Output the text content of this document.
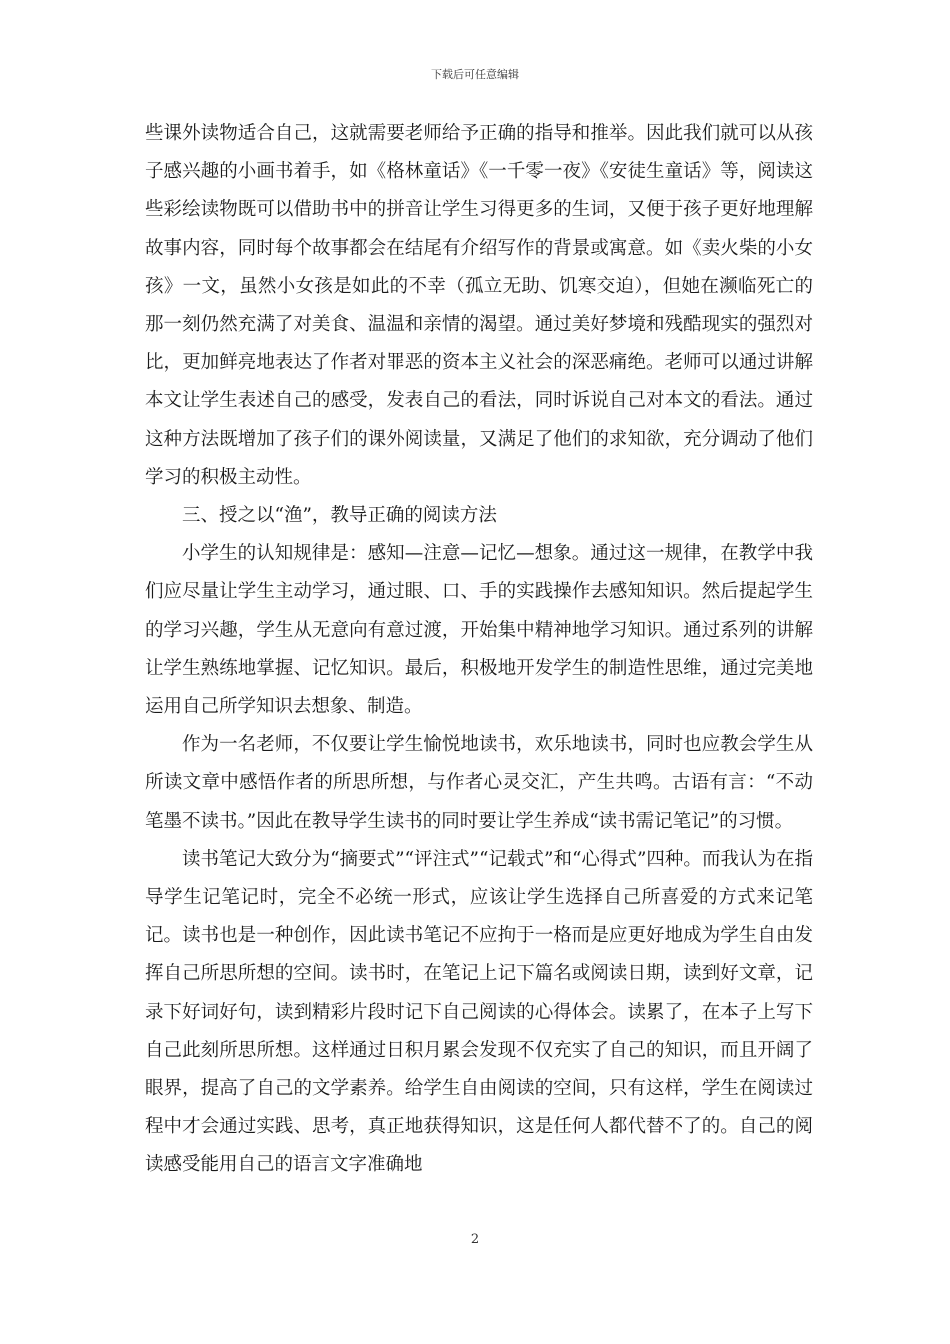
下载后可任意编辑

些课外读物适合自己，这就需要老师给予正确的指导和推举。因此我们就可以从孩子感兴趣的小画书着手，如《格林童话》《一千零一夜》《安徒生童话》等，阅读这些彩绘读物既可以借助书中的拼音让学生习得更多的生词，又便于孩子更好地理解故事内容，同时每个故事都会在结尾有介绍写作的背景或寓意。如《卖火柴的小女孩》一文，虽然小女孩是如此的不幸（孤立无助、饥寒交迫），但她在濒临死亡的那一刻仍然充满了对美食、温温和亲情的渴望。通过美好梦境和残酷现实的强烈对比，更加鲜亮地表达了作者对罪恶的资本主义社会的深恶痛绝。老师可以通过讲解本文让学生表述自己的感受，发表自己的看法，同时诉说自己对本文的看法。通过这种方法既增加了孩子们的课外阅读量，又满足了他们的求知欲，充分调动了他们学习的积极主动性。

三、授之以“渔”，教导正确的阅读方法

小学生的认知规律是：感知—注意—记忆—想象。通过这一规律，在教学中我们应尽量让学生主动学习，通过眼、口、手的实践操作去感知知识。然后提起学生的学习兴趣，学生从无意向有意过渡，开始集中精神地学习知识。通过系列的讲解让学生熟练地掌握、记忆知识。最后，积极地开发学生的制造性思维，通过完美地运用自己所学知识去想象、制造。

作为一名老师，不仅要让学生愉悦地读书，欢乐地读书，同时也应教会学生从所读文章中感悟作者的所思所想，与作者心灵交汇，产生共鸣。古语有言：“不动笔墨不读书。”因此在教导学生读书的同时要让学生养成“读书需记笔记”的习惯。

读书笔记大致分为“摘要式”“评注式”“记载式”和“心得式”四种。而我认为在指导学生记笔记时，完全不必统一形式，应该让学生选择自己所喜爱的方式来记笔记。读书也是一种创作，因此读书笔记不应拘于一格而是应更好地成为学生自由发挥自己所思所想的空间。读书时，在笔记上记下篇名或阅读日期，读到好文章，记录下好词好句，读到精彩片段时记下自己阅读的心得体会。读累了，在本子上写下自己此刻所思所想。这样通过日积月累会发现不仅充实了自己的知识，而且开阔了眼界，提高了自己的文学素养。给学生自由阅读的空间，只有这样，学生在阅读过程中才会通过实践、思考，真正地获得知识，这是任何人都代替不了的。自己的阅读感受能用自己的语言文字准确地

2
